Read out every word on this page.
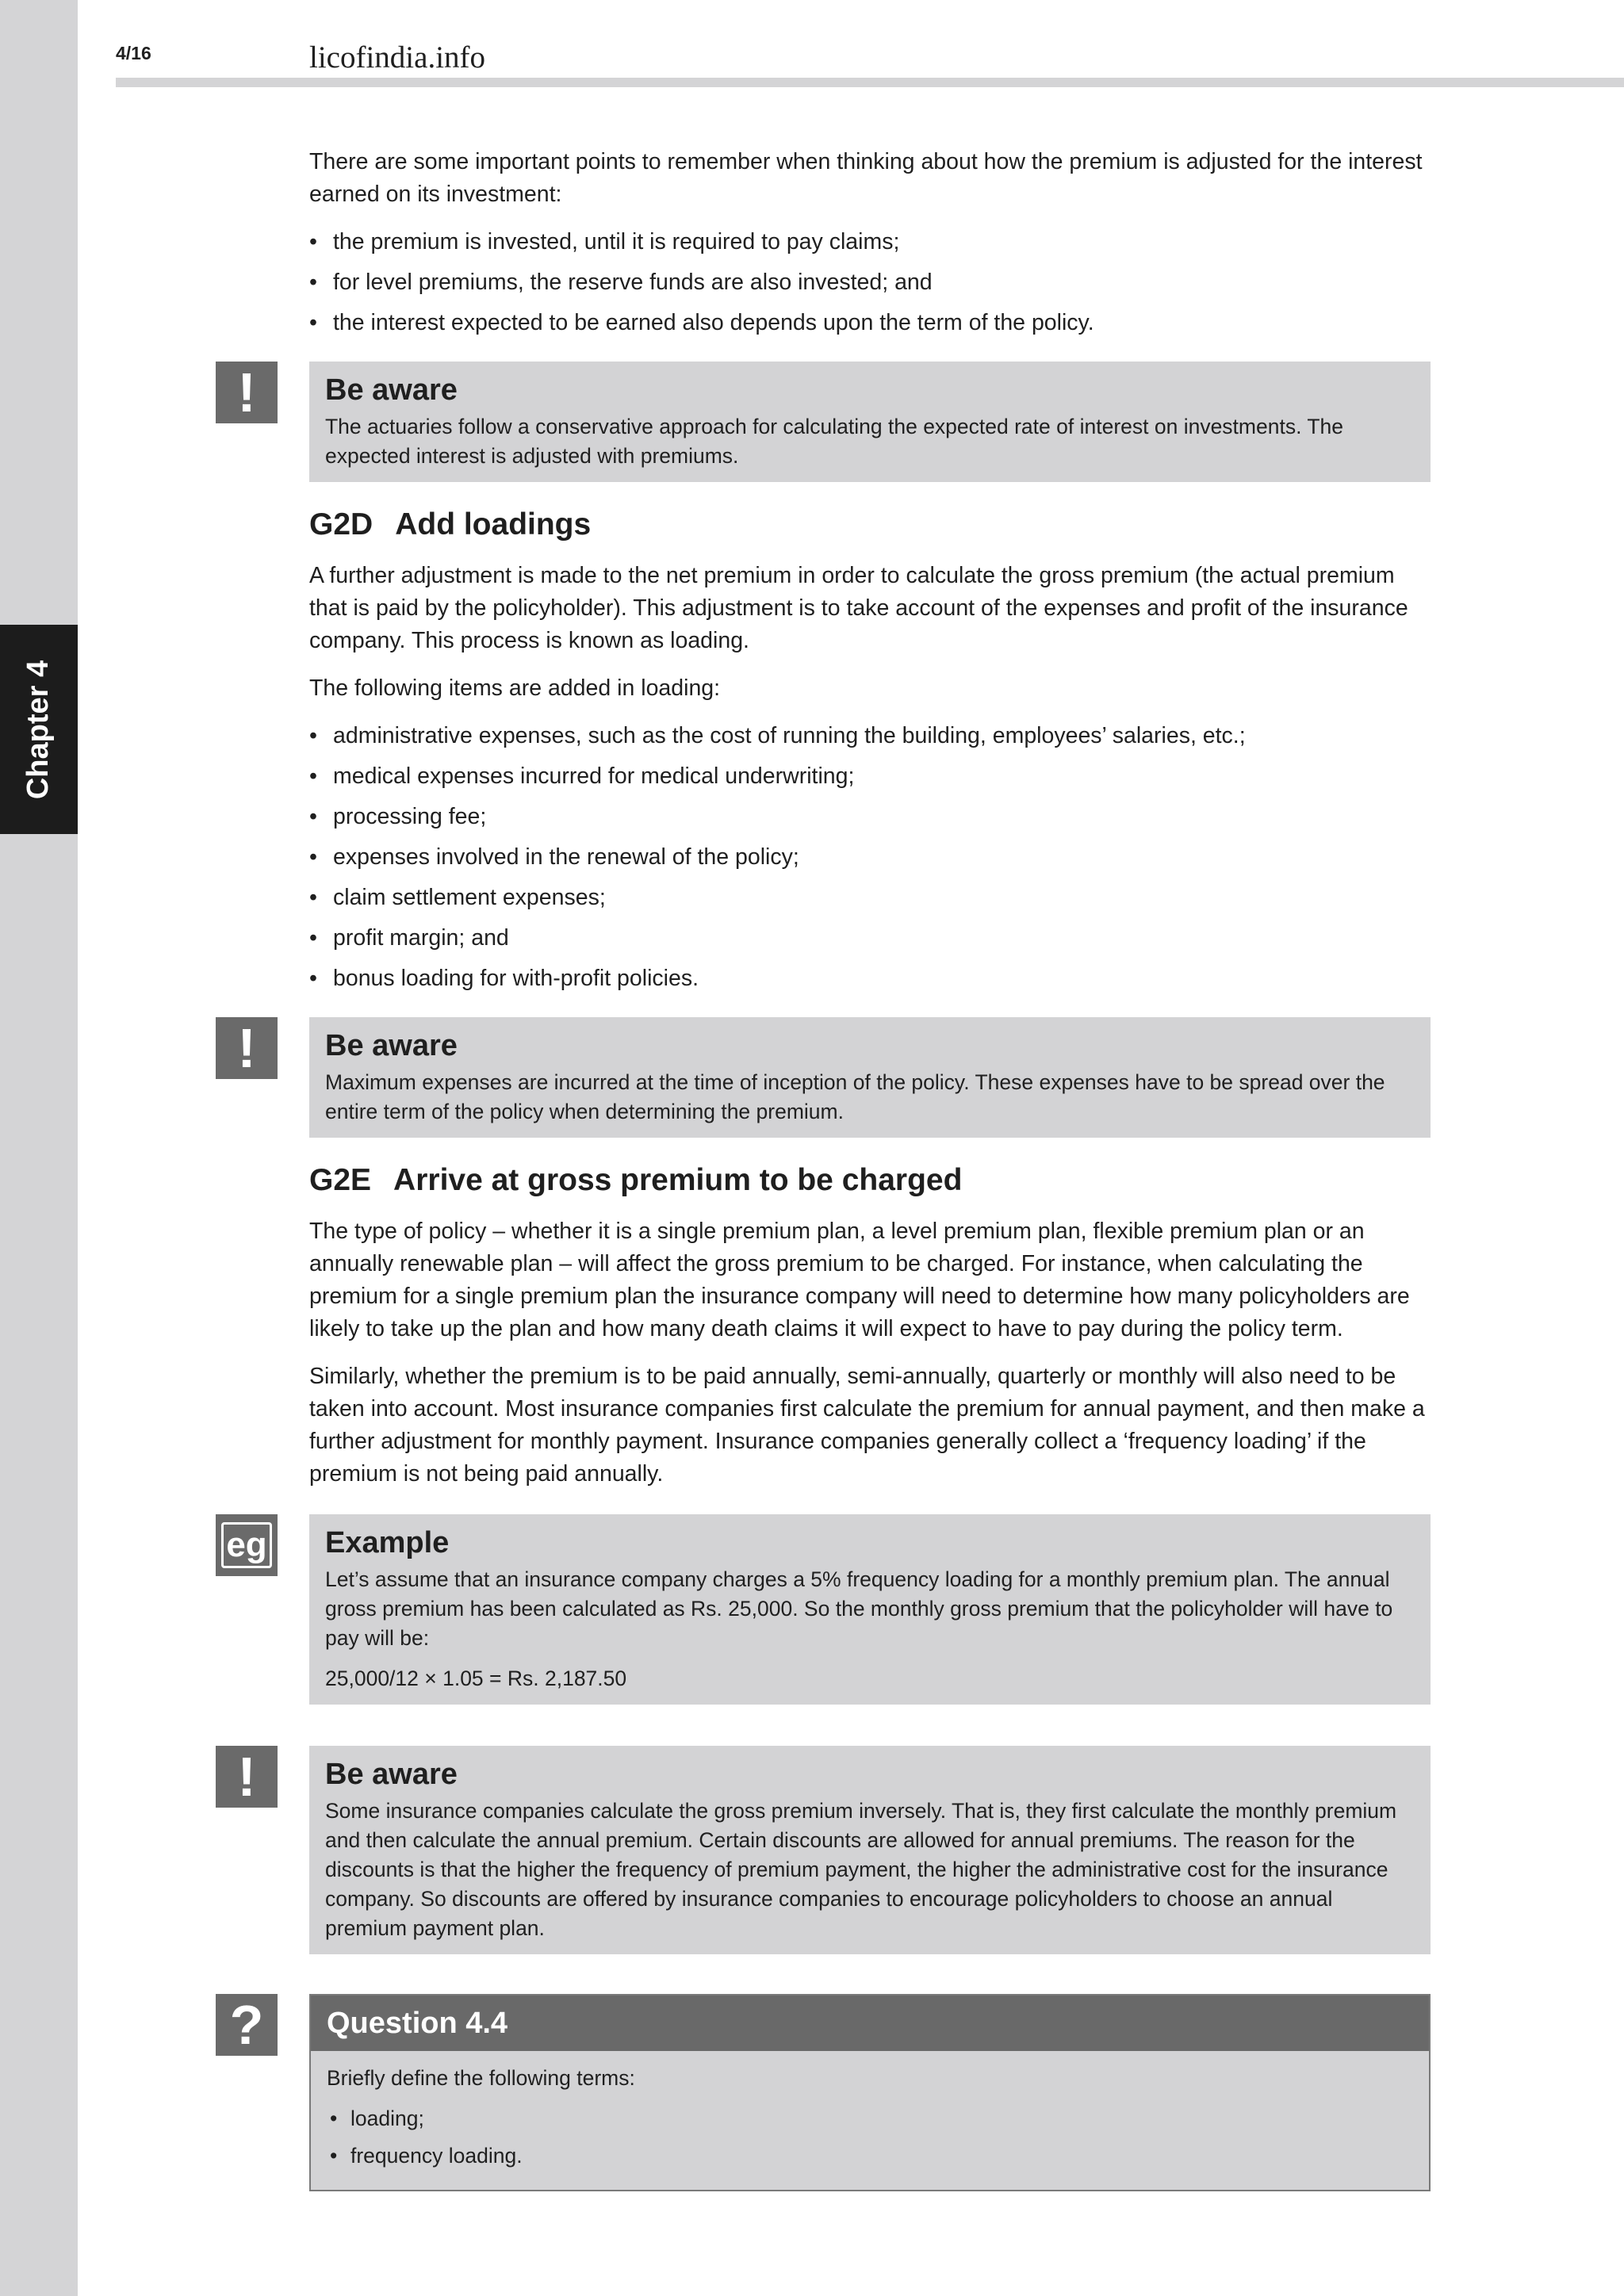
Chapter 4
4/16	licofindia.info

There are some important points to remember when thinking about how the premium is adjusted for the interest earned on its investment:

• the premium is invested, until it is required to pay claims;
• for level premiums, the reserve funds are also invested; and
• the interest expected to be earned also depends upon the term of the policy.
!	Be aware

The actuaries follow a conservative approach for calculating the expected rate of interest on investments. The expected interest is adjusted with premiums.

G2D Add loadings

A further adjustment is made to the net premium in order to calculate the gross premium (the actual premium that is paid by the policyholder). This adjustment is to take account of the expenses and profit of the insurance company. This process is known as loading.

The following items are added in loading:

• administrative expenses, such as the cost of running the building, employees’ salaries, etc.;
• medical expenses incurred for medical underwriting;
• processing fee;
• expenses involved in the renewal of the policy;
• claim settlement expenses;
• profit margin; and
• bonus loading for with-profit policies.
!	Be aware

Maximum expenses are incurred at the time of inception of the policy. These expenses have to be spread over the entire term of the policy when determining the premium.

G2E Arrive at gross premium to be charged

The type of policy – whether it is a single premium plan, a level premium plan, flexible premium plan or an annually renewable plan – will affect the gross premium to be charged. For instance, when calculating the premium for a single premium plan the insurance company will need to determine how many policyholders are likely to take up the plan and how many death claims it will expect to have to pay during the policy term.

Similarly, whether the premium is to be paid annually, semi-annually, quarterly or monthly will also need to be taken into account. Most insurance companies first calculate the premium for annual payment, and then make a further adjustment for monthly payment. Insurance companies generally collect a ‘frequency loading’ if the premium is not being paid annually.

eg Example

Let’s assume that an insurance company charges a 5% frequency loading for a monthly premium plan. The annual gross premium has been calculated as Rs. 25,000. So the monthly gross premium that the policyholder will have to pay will be:

25,000/12 × 1.05 = Rs. 2,187.50

!	Be aware

Some insurance companies calculate the gross premium inversely. That is, they first calculate the monthly premium and then calculate the annual premium. Certain discounts are allowed for annual premiums. The reason for the discounts is that the higher the frequency of premium payment, the higher the administrative cost for the insurance company. So discounts are offered by insurance companies to encourage policyholders to choose an annual premium payment plan.

?	Question 4.4

Briefly define the following terms:

• loading;
• frequency loading.
